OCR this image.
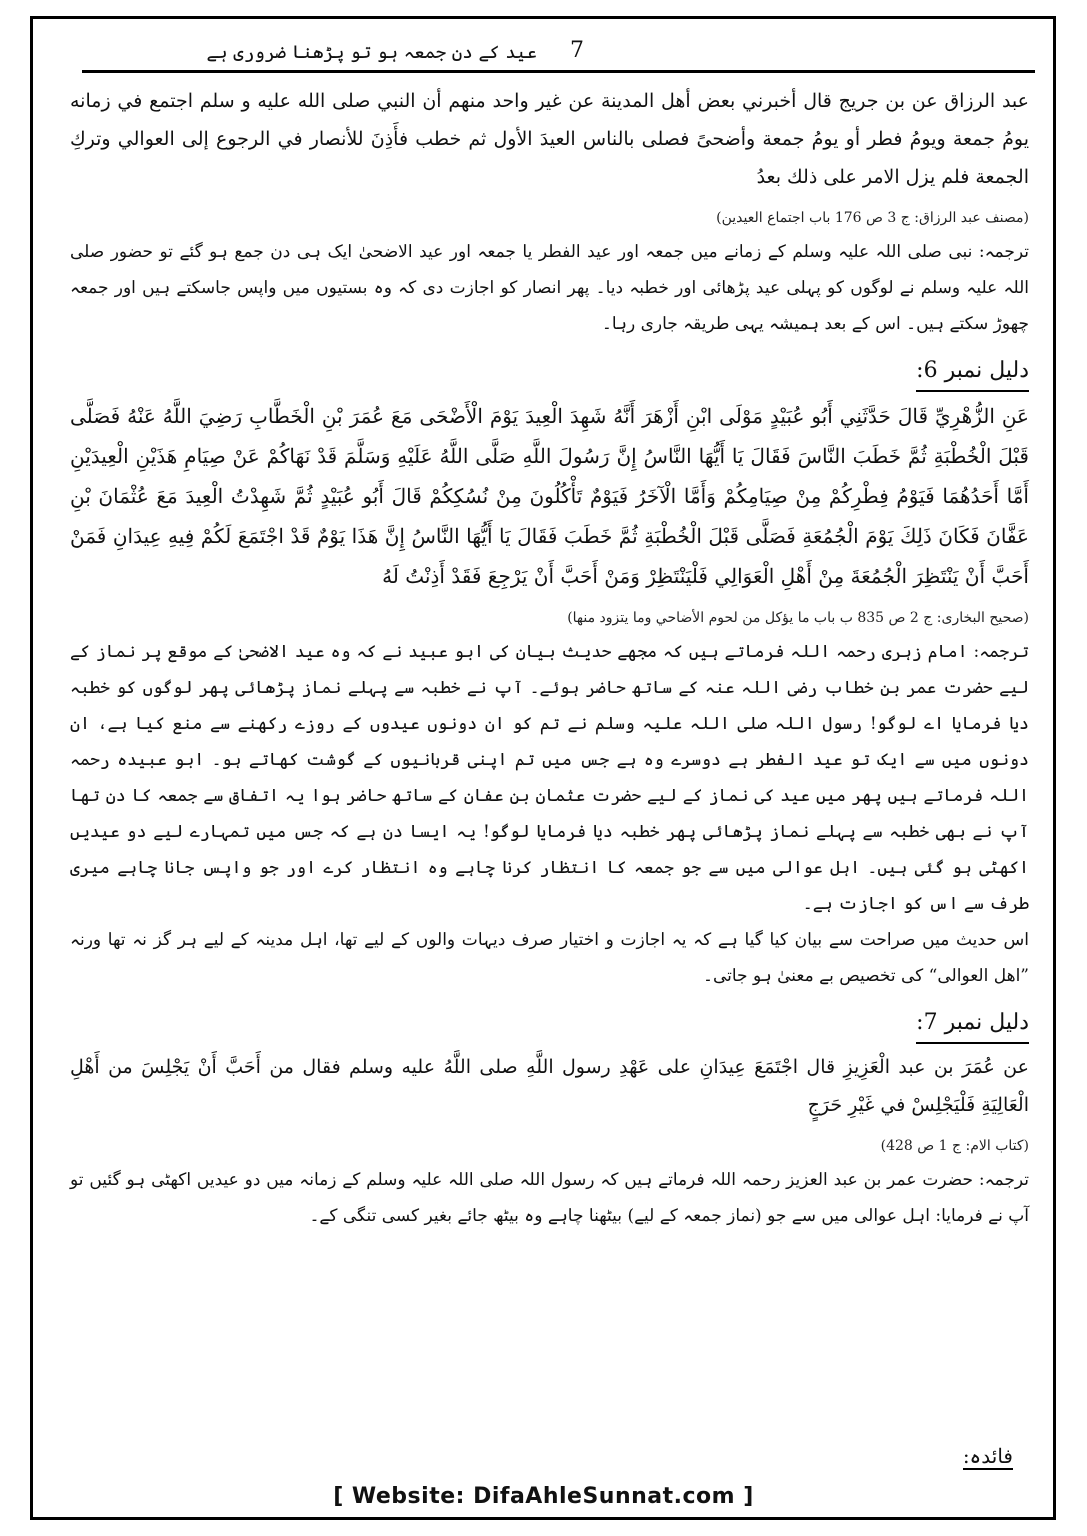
عید کے دن جمعہ ہو تو پڑھنا ضروری ہے 7

عبد الرزاق عن بن جريج قال أخبرني بعض أهل المدينة عن غير واحد منهم أن النبي صلى الله عليه و سلم اجتمع في زمانه يومُ جمعة ويومُ فطر أو يومُ جمعة وأضحىً فصلى بالناس العيدَ الأول ثم خطب فأَذِنَ للأنصار في الرجوع إلى العوالي وتركِ الجمعة فلم يزل الامر على ذلك بعدُ

(مصنف عبد الرزاق: ج 3 ص 176 باب اجتماع العیدین)

ترجمہ: نبی صلی اللہ علیہ وسلم کے زمانے میں جمعہ اور عید الفطر یا جمعہ اور عید الاضحیٰ ایک ہی دن جمع ہو گئے تو حضور صلی اللہ علیہ وسلم نے لوگوں کو پہلی عید پڑھائی اور خطبہ دیا۔ پھر انصار کو اجازت دی کہ وہ بستیوں میں واپس جاسکتے ہیں اور جمعہ چھوڑ سکتے ہیں۔ اس کے بعد ہمیشہ یہی طریقہ جاری رہا۔

دلیل نمبر 6:

عَنِ الزُّهْرِيِّ قَالَ حَدَّثَنِي أَبُو عُبَيْدٍ مَوْلَى ابْنِ أَزْهَرَ أَنَّهُ شَهِدَ الْعِيدَ يَوْمَ الْأَضْحَى مَعَ عُمَرَ بْنِ الْخَطَّابِ رَضِيَ اللَّهُ عَنْهُ فَصَلَّى قَبْلَ الْخُطْبَةِ ثُمَّ خَطَبَ النَّاسَ فَقَالَ يَا أَيُّهَا النَّاسُ إِنَّ رَسُولَ اللَّهِ صَلَّى اللَّهُ عَلَيْهِ وَسَلَّمَ قَدْ نَهَاكُمْ عَنْ صِيَامِ هَذَيْنِ الْعِيدَيْنِ أَمَّا أَحَدُهُمَا فَيَوْمُ فِطْرِكُمْ مِنْ صِيَامِكُمْ وَأَمَّا الْآخَرُ فَيَوْمٌ تَأْكُلُونَ مِنْ نُسُكِكُمْ قَالَ أَبُو عُبَيْدٍ ثُمَّ شَهِدْتُ الْعِيدَ مَعَ عُثْمَانَ بْنِ عَفَّانَ فَكَانَ ذَلِكَ يَوْمَ الْجُمُعَةِ فَصَلَّى قَبْلَ الْخُطْبَةِ ثُمَّ خَطَبَ فَقَالَ يَا أَيُّهَا النَّاسُ إِنَّ هَذَا يَوْمٌ قَدْ اجْتَمَعَ لَكُمْ فِيهِ عِيدَانِ فَمَنْ أَحَبَّ أَنْ يَنْتَظِرَ الْجُمُعَةَ مِنْ أَهْلِ الْعَوَالِي فَلْيَنْتَظِرْ وَمَنْ أَحَبَّ أَنْ يَرْجِعَ فَقَدْ أَذِنْتُ لَهُ

(صحیح البخاری: ج 2 ص 835 ب باب ما یؤکل من لحوم الأضاحي وما یتزود منها)

ترجمہ: امام زہری رحمہ اللہ فرماتے ہیں کہ مجھے حدیث بیان کی ابو عبید نے کہ وہ عید الاضحیٰ کے موقع پر نماز کے لیے حضرت عمر بن خطاب رضی اللہ عنہ کے ساتھ حاضر ہوئے۔ آپ نے خطبہ سے پہلے نماز پڑھائی پھر لوگوں کو خطبہ دیا فرمایا اے لوگو! رسول اللہ صلی اللہ علیہ وسلم نے تم کو ان دونوں عیدوں کے روزے رکھنے سے منع کیا ہے، ان دونوں میں سے ایک تو عید الفطر ہے دوسرے وہ ہے جس میں تم اپنی قربانیوں کے گوشت کھاتے ہو۔ ابو عبیدہ رحمہ اللہ فرماتے ہیں پھر میں عید کی نماز کے لیے حضرت عثمان بن عفان کے ساتھ حاضر ہوا یہ اتفاق سے جمعہ کا دن تھا آپ نے بھی خطبہ سے پہلے نماز پڑھائی پھر خطبہ دیا فرمایا لوگو! یہ ایسا دن ہے کہ جس میں تمہارے لیے دو عیدیں اکھٹی ہو گئی ہیں۔ اہل عوالی میں سے جو جمعہ کا انتظار کرنا چاہے وہ انتظار کرے اور جو واپس جانا چاہے میری طرف سے اس کو اجازت ہے۔

اس حدیث میں صراحت سے بیان کیا گیا ہے کہ یہ اجازت و اختیار صرف دیہات والوں کے لیے تھا، اہل مدینہ کے لیے ہر گز نہ تھا ورنہ ”اھل العوالی“ کی تخصیص بے معنیٰ ہو جاتی۔

دلیل نمبر 7:

عن عُمَرَ بن عبد الْعَزِيزِ قال اجْتَمَعَ عِيدَانِ على عَهْدِ رسول اللَّهِ صلى اللَّهُ عليه وسلم فقال من أَحَبَّ أَنْ يَجْلِسَ من أَهْلِ الْعَالِيَةِ فَلْيَجْلِسْ في غَيْرِ حَرَجٍ

(کتاب الام: ج 1 ص 428)

ترجمہ: حضرت عمر بن عبد العزیز رحمہ اللہ فرماتے ہیں کہ رسول اللہ صلی اللہ علیہ وسلم کے زمانہ میں دو عیدیں اکھٹی ہو گئیں تو آپ نے فرمایا: اہل عوالی میں سے جو (نماز جمعہ کے لیے) بیٹھنا چاہے وہ بیٹھ جائے بغیر کسی تنگی کے۔

فائدہ:
[ Website: DifaAhleSunnat.com ]
